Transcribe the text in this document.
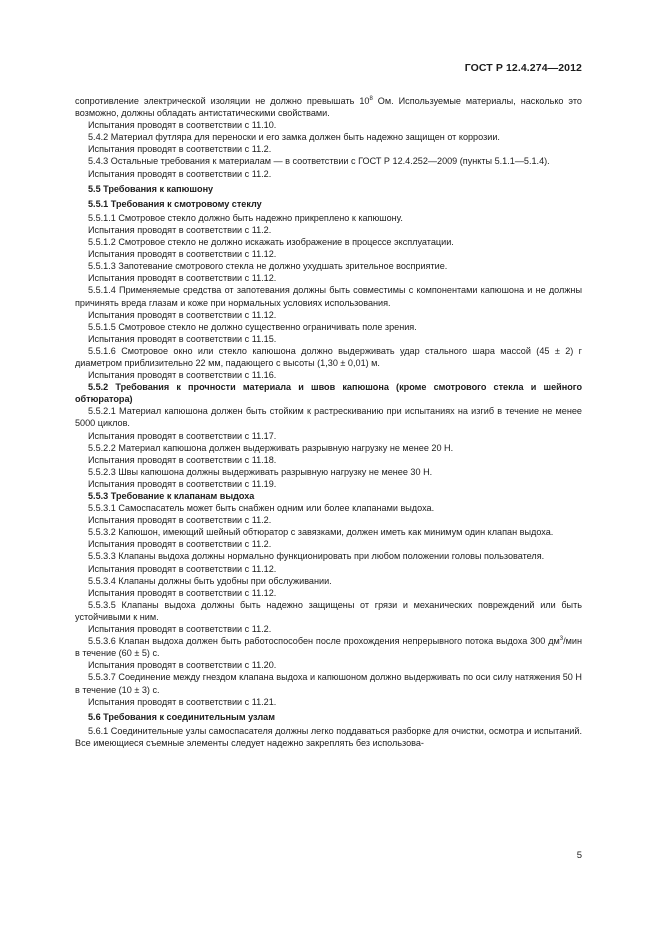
ГОСТ Р 12.4.274—2012

сопротивление электрической изоляции не должно превышать $10^8$ Ом. Используемые материалы, насколько это возможно, должны обладать антистатическими свойствами.

Испытания проводят в соответствии с 11.10.

5.4.2 Материал футляра для переноски и его замка должен быть надежно защищен от коррозии.

Испытания проводят в соответствии с 11.2.

5.4.3 Остальные требования к материалам — в соответствии с ГОСТ Р 12.4.252—2009 (пункты 5.1.1—5.1.4).

Испытания проводят в соответствии с 11.2.

5.5 Требования к капюшону

5.5.1 Требования к смотровому стеклу

5.5.1.1 Смотровое стекло должно быть надежно прикреплено к капюшону.

Испытания проводят в соответствии с 11.2.

5.5.1.2 Смотровое стекло не должно искажать изображение в процессе эксплуатации.

Испытания проводят в соответствии с 11.12.

5.5.1.3 Запотевание смотрового стекла не должно ухудшать зрительное восприятие.

Испытания проводят в соответствии с 11.12.

5.5.1.4 Применяемые средства от запотевания должны быть совместимы с компонентами капюшона и не должны причинять вреда глазам и коже при нормальных условиях использования.

Испытания проводят в соответствии с 11.12.

5.5.1.5 Смотровое стекло не должно существенно ограничивать поле зрения.

Испытания проводят в соответствии с 11.15.

5.5.1.6 Смотровое окно или стекло капюшона должно выдерживать удар стального шара массой (45 ± 2) г диаметром приблизительно 22 мм, падающего с высоты (1,30 ± 0,01) м.

Испытания проводят в соответствии с 11.16.

5.5.2 Требования к прочности материала и швов капюшона (кроме смотрового стекла и шейного обтюратора)

5.5.2.1 Материал капюшона должен быть стойким к растрескиванию при испытаниях на изгиб в течение не менее 5000 циклов.

Испытания проводят в соответствии с 11.17.

5.5.2.2 Материал капюшона должен выдерживать разрывную нагрузку не менее 20 Н.

Испытания проводят в соответствии с 11.18.

5.5.2.3 Швы капюшона должны выдерживать разрывную нагрузку не менее 30 Н.

Испытания проводят в соответствии с 11.19.

5.5.3 Требование к клапанам выдоха

5.5.3.1 Самоспасатель может быть снабжен одним или более клапанами выдоха.

Испытания проводят в соответствии с 11.2.

5.5.3.2 Капюшон, имеющий шейный обтюратор с завязками, должен иметь как минимум один клапан выдоха.

Испытания проводят в соответствии с 11.2.

5.5.3.3 Клапаны выдоха должны нормально функционировать при любом положении головы пользователя.

Испытания проводят в соответствии с 11.12.

5.5.3.4 Клапаны должны быть удобны при обслуживании.

Испытания проводят в соответствии с 11.12.

5.5.3.5 Клапаны выдоха должны быть надежно защищены от грязи и механических повреждений или быть устойчивыми к ним.

Испытания проводят в соответствии с 11.2.

5.5.3.6 Клапан выдоха должен быть работоспособен после прохождения непрерывного потока выдоха 300 $дм^3$/мин в течение (60 ± 5) с.

Испытания проводят в соответствии с 11.20.

5.5.3.7 Соединение между гнездом клапана выдоха и капюшоном должно выдерживать по оси силу натяжения 50 Н в течение (10 ± 3) с.

Испытания проводят в соответствии с 11.21.

5.6 Требования к соединительным узлам

5.6.1 Соединительные узлы самоспасателя должны легко поддаваться разборке для очистки, осмотра и испытаний. Все имеющиеся съемные элементы следует надежно закреплять без использова-

5
